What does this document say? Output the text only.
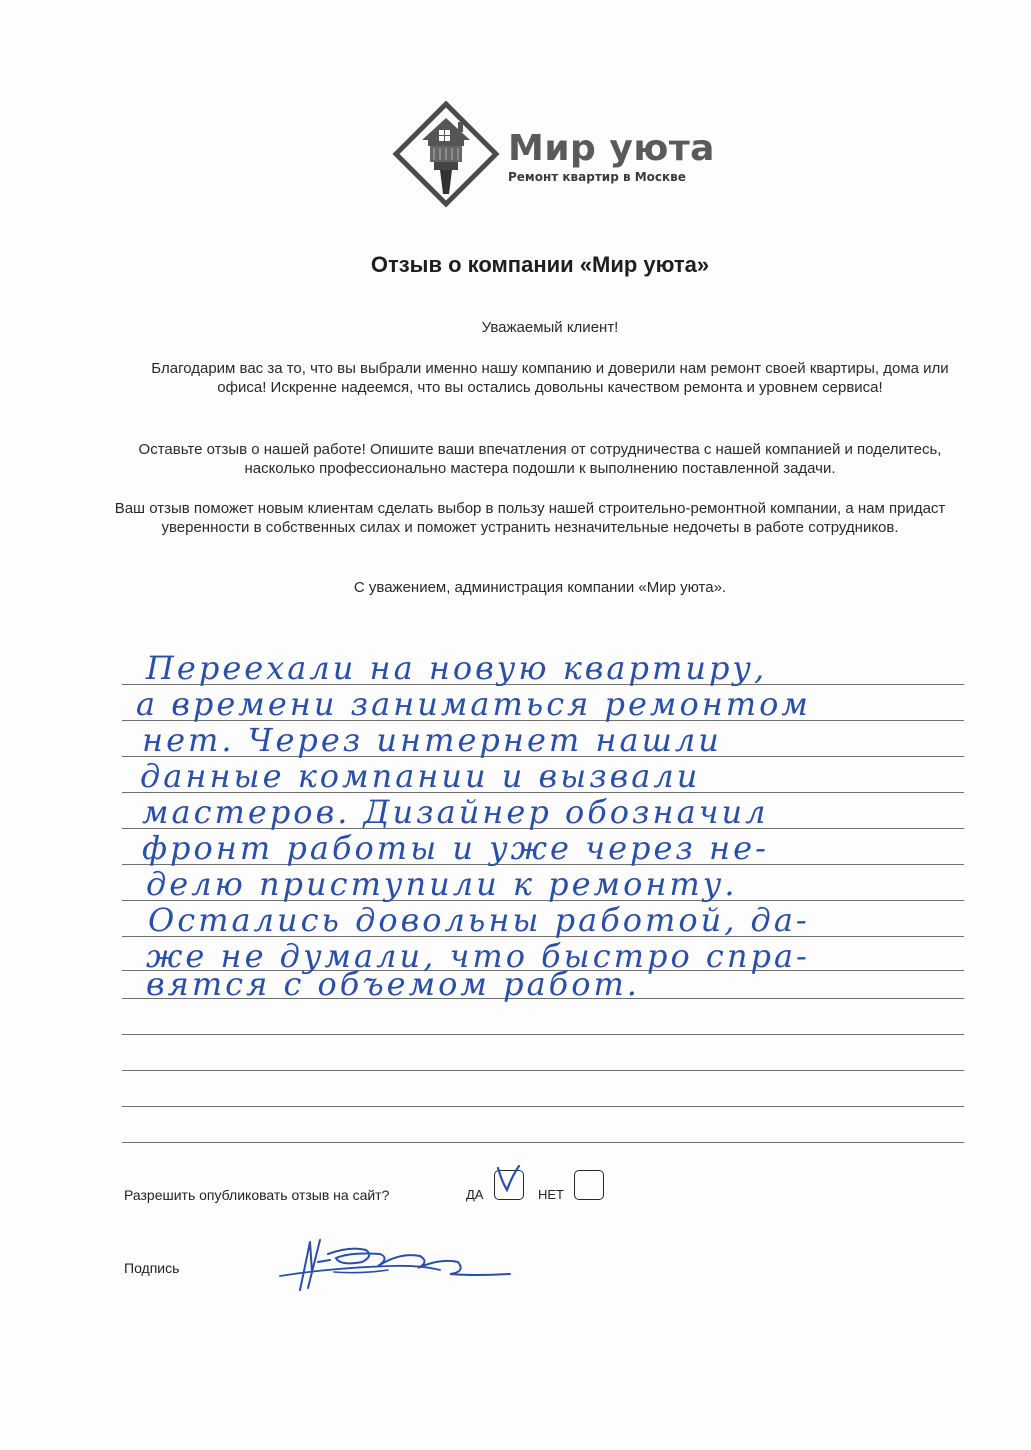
Мир уюта
Ремонт квартир в Москве
Отзыв о компании «Мир уюта»
Уважаемый клиент!
Благодарим вас за то, что вы выбрали именно нашу компанию и доверили нам ремонт своей квартиры, дома или офиса! Искренне надеемся, что вы остались довольны качеством ремонта и уровнем сервиса!
Оставьте отзыв о нашей работе! Опишите ваши впечатления от сотрудничества с нашей компанией и поделитесь, насколько профессионально мастера подошли к выполнению поставленной задачи.
Ваш отзыв поможет новым клиентам сделать выбор в пользу нашей строительно-ремонтной компании, а нам придаст уверенности в собственных силах и поможет устранить незначительные недочеты в работе сотрудников.
С уважением, администрация компании «Мир уюта».
Переехали на новую квартиру,
а времени заниматься ремонтом
нет. Через интернет нашли
данные компании и вызвали
мастеров. Дизайнер обозначил
фронт работы и уже через не-
делю приступили к ремонту.
Остались довольны работой, да-
же не думали, что быстро спра-
вятся с объемом работ.
Разрешить опубликовать отзыв на сайт?	ДА	НЕТ
Подпись
